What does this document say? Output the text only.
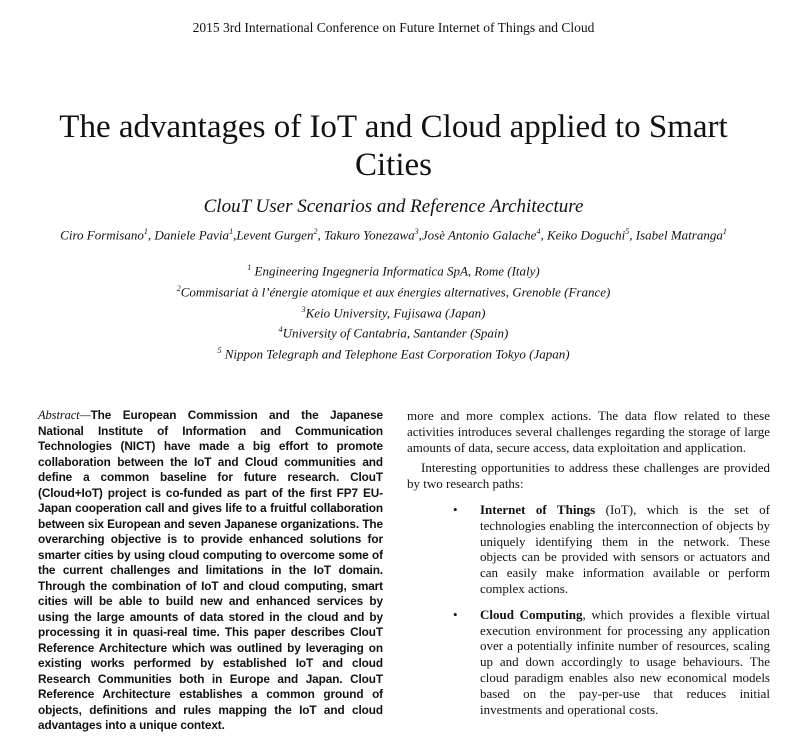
2015 3rd International Conference on Future Internet of Things and Cloud
The advantages of IoT and Cloud applied to Smart Cities
ClouT User Scenarios and Reference Architecture
Ciro Formisano$^1$, Daniele Pavia$^1$,Levent Gurgen$^2$, Takuro Yonezawa$^3$,Josè Antonio Galache$^4$, Keiko Doguchi$^5$, Isabel Matranga$^1$
$^1$ Engineering Ingegneria Informatica SpA, Rome (Italy)
$^2$Commisariat à l’énergie atomique et aux énergies alternatives, Grenoble (France)
$^3$Keio University, Fujisawa (Japan)
$^4$University of Cantabria, Santander (Spain)
$^5$ Nippon Telegraph and Telephone East Corporation Tokyo (Japan)
Abstract—The European Commission and the Japanese National Institute of Information and Communication Technologies (NICT) have made a big effort to promote collaboration between the IoT and Cloud communities and define a common baseline for future research. ClouT (Cloud+IoT) project is co-funded as part of the first FP7 EU-Japan cooperation call and gives life to a fruitful collaboration between six European and seven Japanese organizations. The overarching objective is to provide enhanced solutions for smarter cities by using cloud computing to overcome some of the current challenges and limitations in the IoT domain. Through the combination of IoT and cloud computing, smart cities will be able to build new and enhanced services by using the large amounts of data stored in the cloud and by processing it in quasi-real time. This paper describes ClouT Reference Architecture which was outlined by leveraging on existing works performed by established IoT and cloud Research Communities both in Europe and Japan. ClouT Reference Architecture establishes a common ground of objects, definitions and rules mapping the IoT and cloud advantages into a unique context.

more and more complex actions. The data flow related to these activities introduces several challenges regarding the storage of large amounts of data, secure access, data exploitation and application.

Interesting opportunities to address these challenges are provided by two research paths:

• Internet of Things (IoT), which is the set of technologies enabling the interconnection of objects by uniquely identifying them in the network. These objects can be provided with sensors or actuators and can easily make information available or perform complex actions.
• Cloud Computing, which provides a flexible virtual execution environment for processing any application over a potentially infinite number of resources, scaling up and down accordingly to usage behaviours. The cloud paradigm enables also new economical models based on the pay-per-use that reduces initial investments and operational costs.
